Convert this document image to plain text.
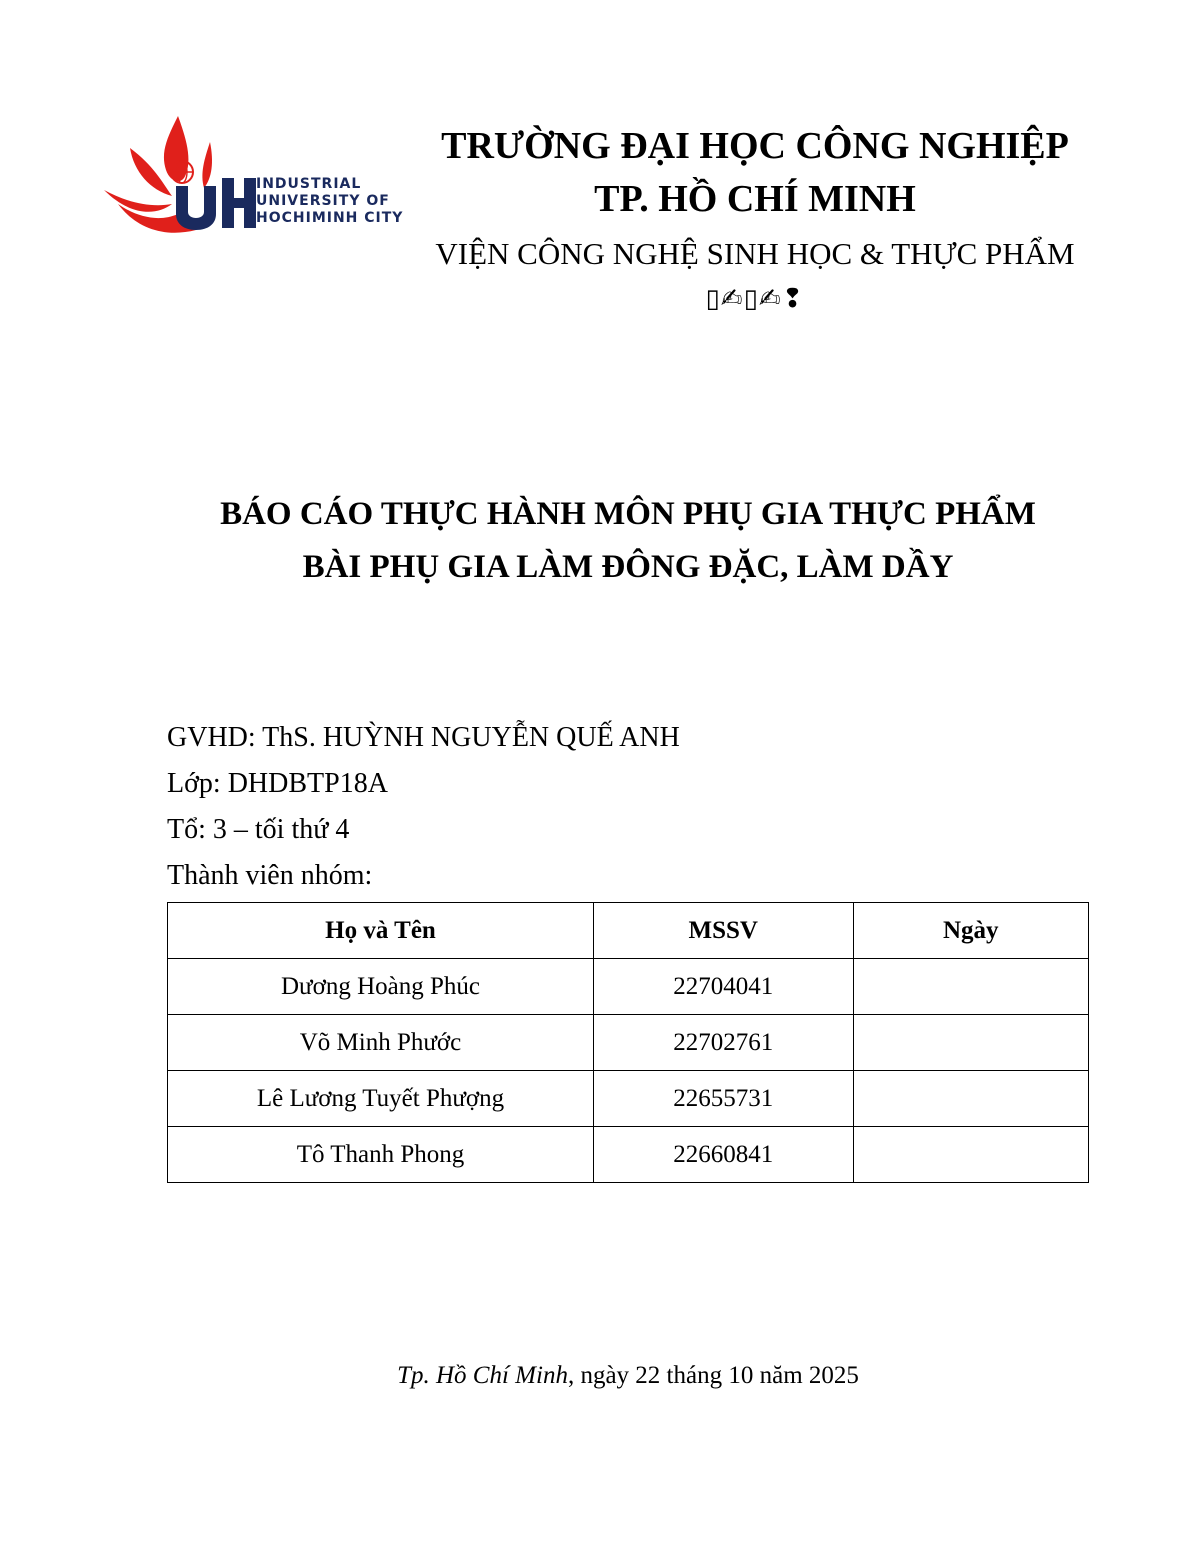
INDUSTRIAL
UNIVERSITY OF
HOCHIMINH CITY
TRƯỜNG ĐẠI HỌC CÔNG NGHIỆP
TP. HỒ CHÍ MINH
VIỆN CÔNG NGHỆ SINH HỌC & THỰC PHẨM
▯✍▯✍❢
BÁO CÁO THỰC HÀNH MÔN PHỤ GIA THỰC PHẨM
BÀI PHỤ GIA LÀM ĐÔNG ĐẶC, LÀM DẦY
GVHD: ThS. HUỲNH NGUYỄN QUẾ ANH
Lớp: DHDBTP18A
Tổ: 3 – tối thứ 4
Thành viên nhóm:
Họ và Tên	MSSV	Ngày
Dương Hoàng Phúc	22704041	
Võ Minh Phước	22702761	
Lê Lương Tuyết Phượng	22655731	
Tô Thanh Phong	22660841	
Tp. Hồ Chí Minh, ngày 22 tháng 10 năm 2025
